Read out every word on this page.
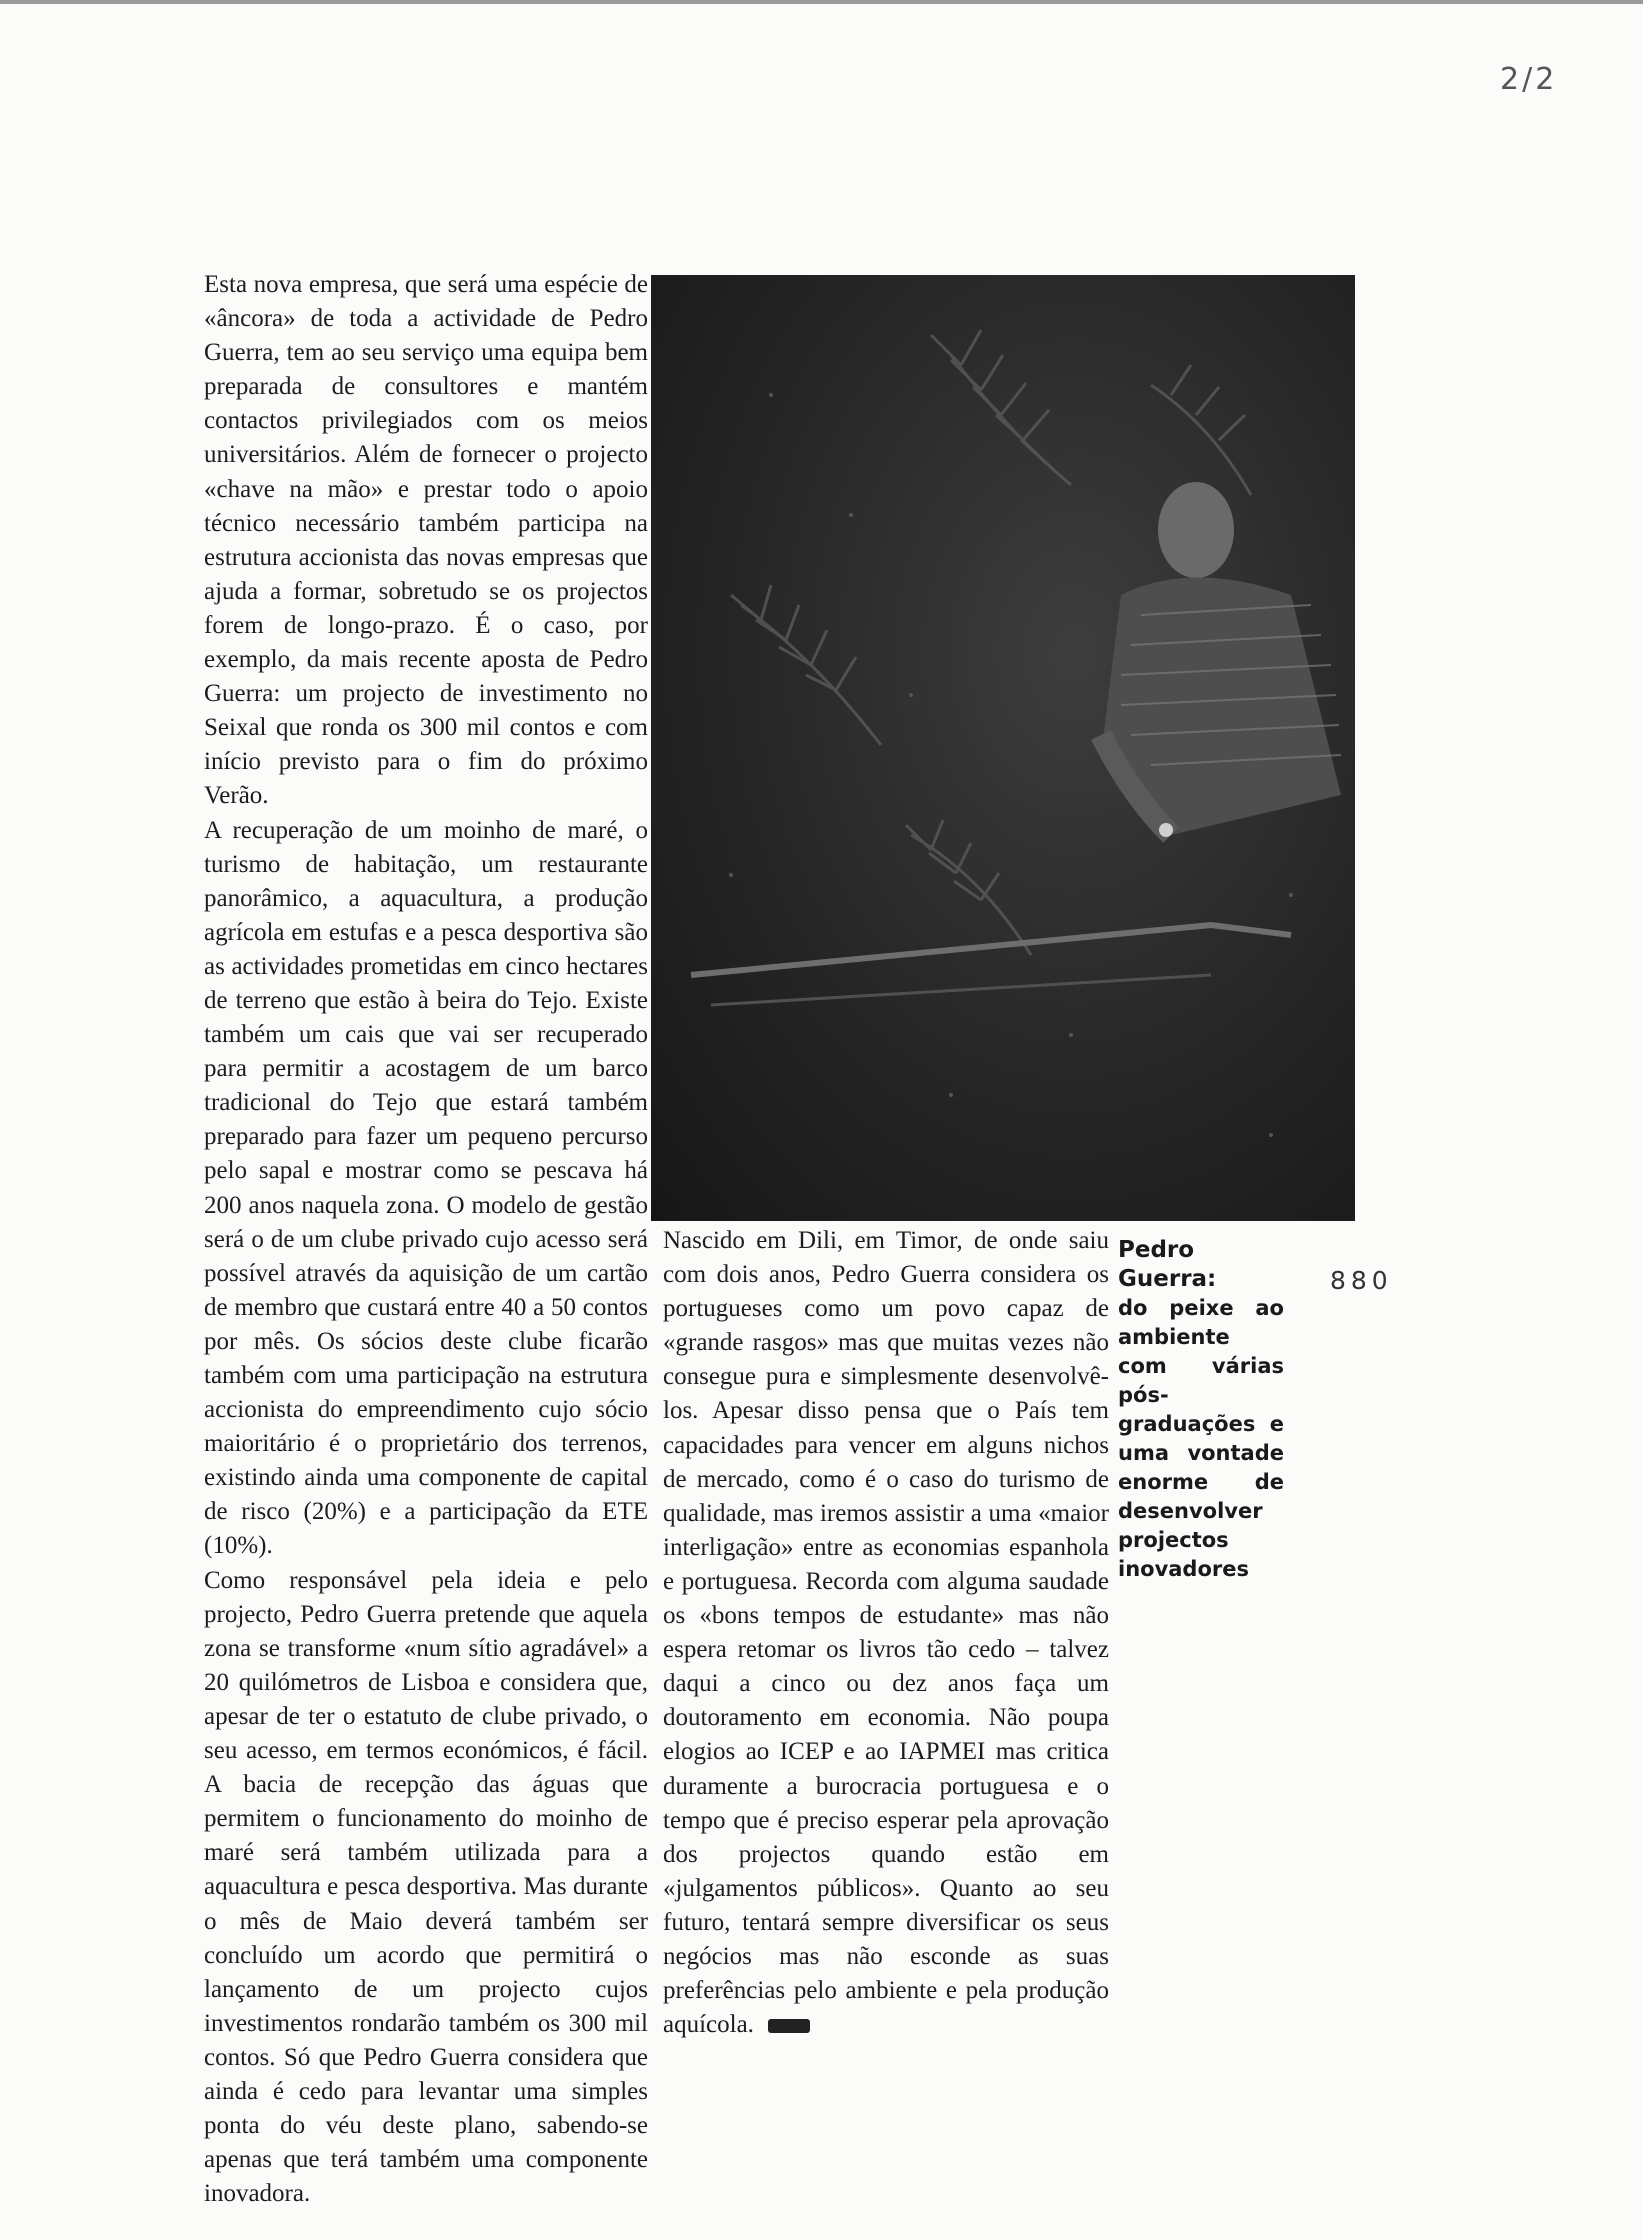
2/2

Esta nova empresa, que será uma espécie de «âncora» de toda a actividade de Pedro Guerra, tem ao seu serviço uma equipa bem preparada de consultores e mantém contactos privilegiados com os meios universitários. Além de fornecer o projecto «chave na mão» e prestar todo o apoio técnico necessário também participa na estrutura accionista das novas empresas que ajuda a formar, sobretudo se os projectos forem de longo-prazo. É o caso, por exemplo, da mais recente aposta de Pedro Guerra: um projecto de investimento no Seixal que ronda os 300 mil contos e com início previsto para o fim do próximo Verão.

A recuperação de um moinho de maré, o turismo de habitação, um restaurante panorâmico, a aquacultura, a produção agrícola em estufas e a pesca desportiva são as actividades prometidas em cinco hectares de terreno que estão à beira do Tejo. Existe também um cais que vai ser recuperado para permitir a acostagem de um barco tradicional do Tejo que estará também preparado para fazer um pequeno percurso pelo sapal e mostrar como se pescava há 200 anos naquela zona. O modelo de gestão será o de um clube privado cujo acesso será possível através da aquisição de um cartão de membro que custará entre 40 a 50 contos por mês. Os sócios deste clube ficarão também com uma participação na estrutura accionista do empreendimento cujo sócio maioritário é o proprietário dos terrenos, existindo ainda uma componente de capital de risco (20%) e a participação da ETE (10%).

Como responsável pela ideia e pelo projecto, Pedro Guerra pretende que aquela zona se transforme «num sítio agradável» a 20 quilómetros de Lisboa e considera que, apesar de ter o estatuto de clube privado, o seu acesso, em termos económicos, é fácil. A bacia de recepção das águas que permitem o funcionamento do moinho de maré será também utilizada para a aquacultura e pesca desportiva. Mas durante o mês de Maio deverá também ser concluído um acordo que permitirá o lançamento de um projecto cujos investimentos rondarão também os 300 mil contos. Só que Pedro Guerra considera que ainda é cedo para levantar uma simples ponta do véu deste plano, sabendo-se apenas que terá também uma componente inovadora.

Nascido em Dili, em Timor, de onde saiu com dois anos, Pedro Guerra considera os portugueses como um povo capaz de «grande rasgos» mas que muitas vezes não consegue pura e simplesmente desenvolvê-los. Apesar disso pensa que o País tem capacidades para vencer em alguns nichos de mercado, como é o caso do turismo de qualidade, mas iremos assistir a uma «maior interligação» entre as economias espanhola e portuguesa. Recorda com alguma saudade os «bons tempos de estudante» mas não espera retomar os livros tão cedo – talvez daqui a cinco ou dez anos faça um doutoramento em economia. Não poupa elogios ao ICEP e ao IAPMEI mas critica duramente a burocracia portuguesa e o tempo que é preciso esperar pela aprovação dos projectos quando estão em «julgamentos públicos». Quanto ao seu futuro, tentará sempre diversificar os seus negócios mas não esconde as suas preferências pelo ambiente e pela produção aquícola.

Pedro Guerra:
do peixe ao ambiente com várias pós-graduações e uma vontade enorme de desenvolver projectos inovadores
880
